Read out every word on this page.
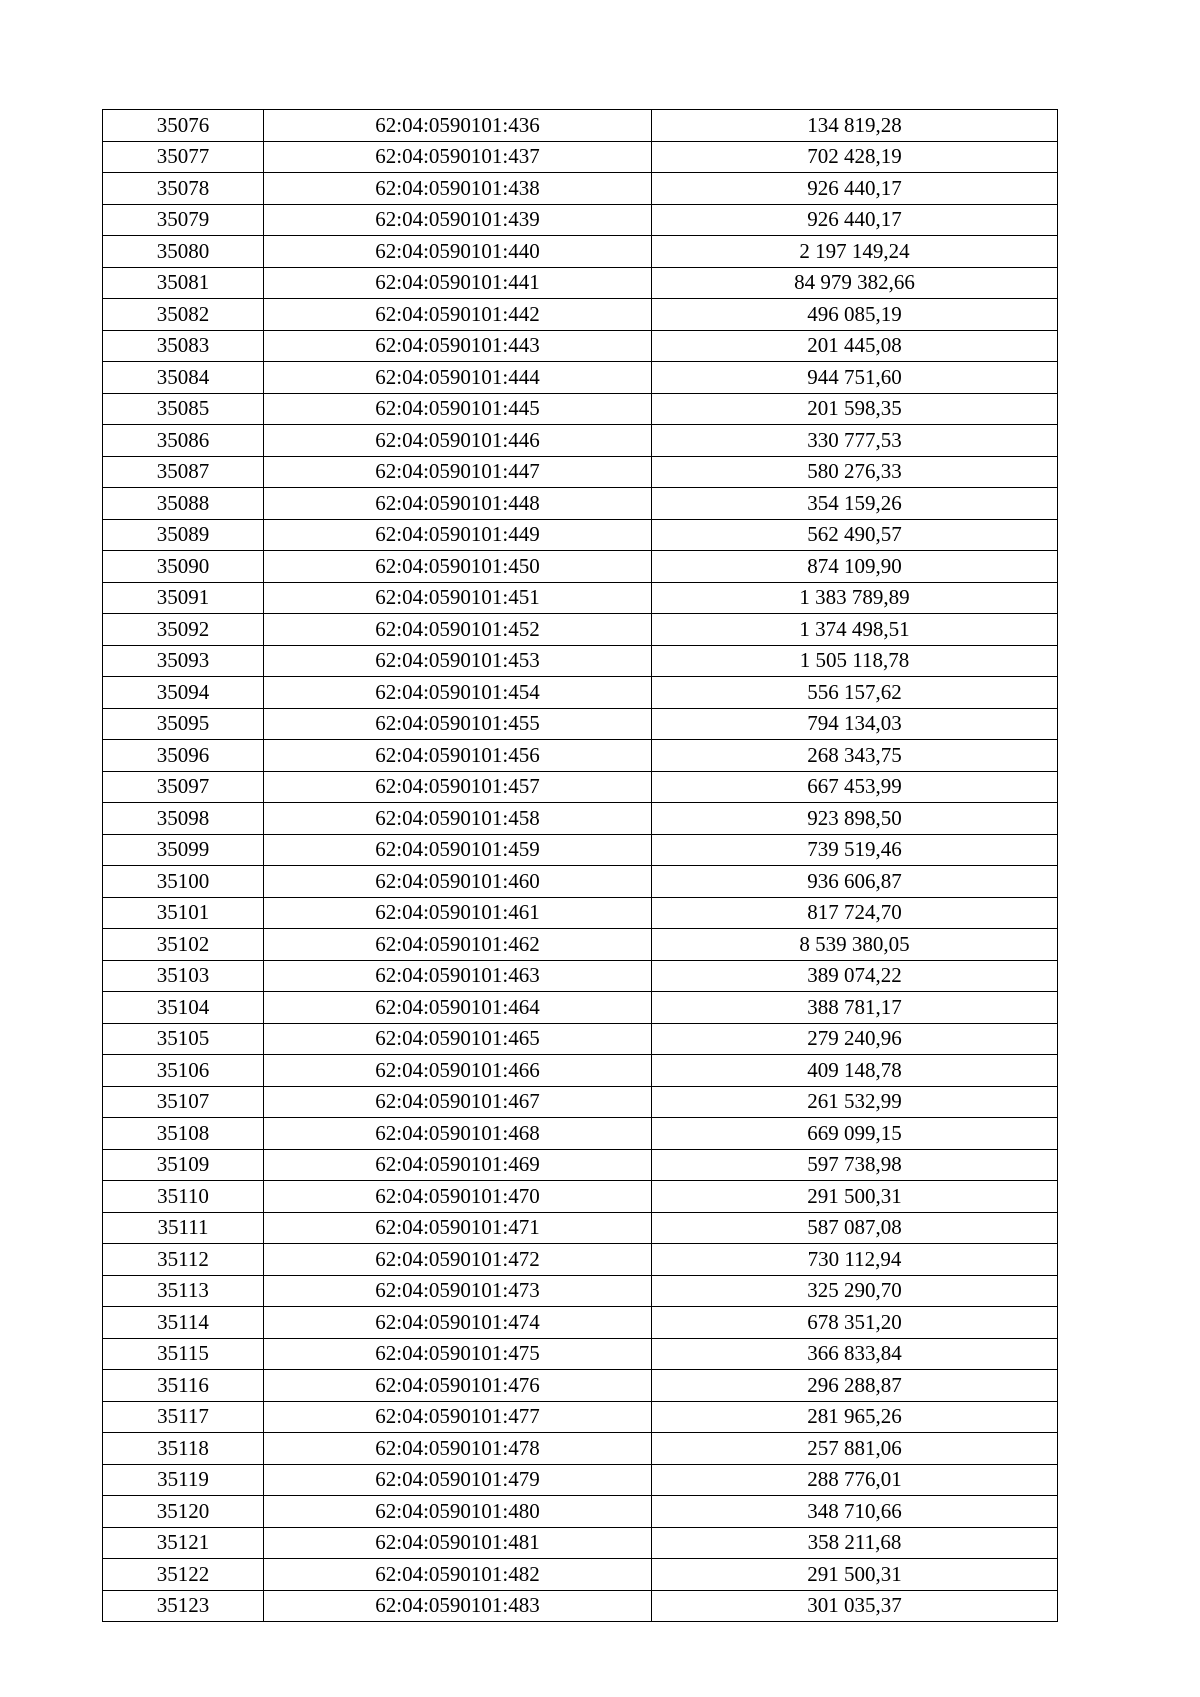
35076	62:04:0590101:436	134 819,28
35077	62:04:0590101:437	702 428,19
35078	62:04:0590101:438	926 440,17
35079	62:04:0590101:439	926 440,17
35080	62:04:0590101:440	2 197 149,24
35081	62:04:0590101:441	84 979 382,66
35082	62:04:0590101:442	496 085,19
35083	62:04:0590101:443	201 445,08
35084	62:04:0590101:444	944 751,60
35085	62:04:0590101:445	201 598,35
35086	62:04:0590101:446	330 777,53
35087	62:04:0590101:447	580 276,33
35088	62:04:0590101:448	354 159,26
35089	62:04:0590101:449	562 490,57
35090	62:04:0590101:450	874 109,90
35091	62:04:0590101:451	1 383 789,89
35092	62:04:0590101:452	1 374 498,51
35093	62:04:0590101:453	1 505 118,78
35094	62:04:0590101:454	556 157,62
35095	62:04:0590101:455	794 134,03
35096	62:04:0590101:456	268 343,75
35097	62:04:0590101:457	667 453,99
35098	62:04:0590101:458	923 898,50
35099	62:04:0590101:459	739 519,46
35100	62:04:0590101:460	936 606,87
35101	62:04:0590101:461	817 724,70
35102	62:04:0590101:462	8 539 380,05
35103	62:04:0590101:463	389 074,22
35104	62:04:0590101:464	388 781,17
35105	62:04:0590101:465	279 240,96
35106	62:04:0590101:466	409 148,78
35107	62:04:0590101:467	261 532,99
35108	62:04:0590101:468	669 099,15
35109	62:04:0590101:469	597 738,98
35110	62:04:0590101:470	291 500,31
35111	62:04:0590101:471	587 087,08
35112	62:04:0590101:472	730 112,94
35113	62:04:0590101:473	325 290,70
35114	62:04:0590101:474	678 351,20
35115	62:04:0590101:475	366 833,84
35116	62:04:0590101:476	296 288,87
35117	62:04:0590101:477	281 965,26
35118	62:04:0590101:478	257 881,06
35119	62:04:0590101:479	288 776,01
35120	62:04:0590101:480	348 710,66
35121	62:04:0590101:481	358 211,68
35122	62:04:0590101:482	291 500,31
35123	62:04:0590101:483	301 035,37
